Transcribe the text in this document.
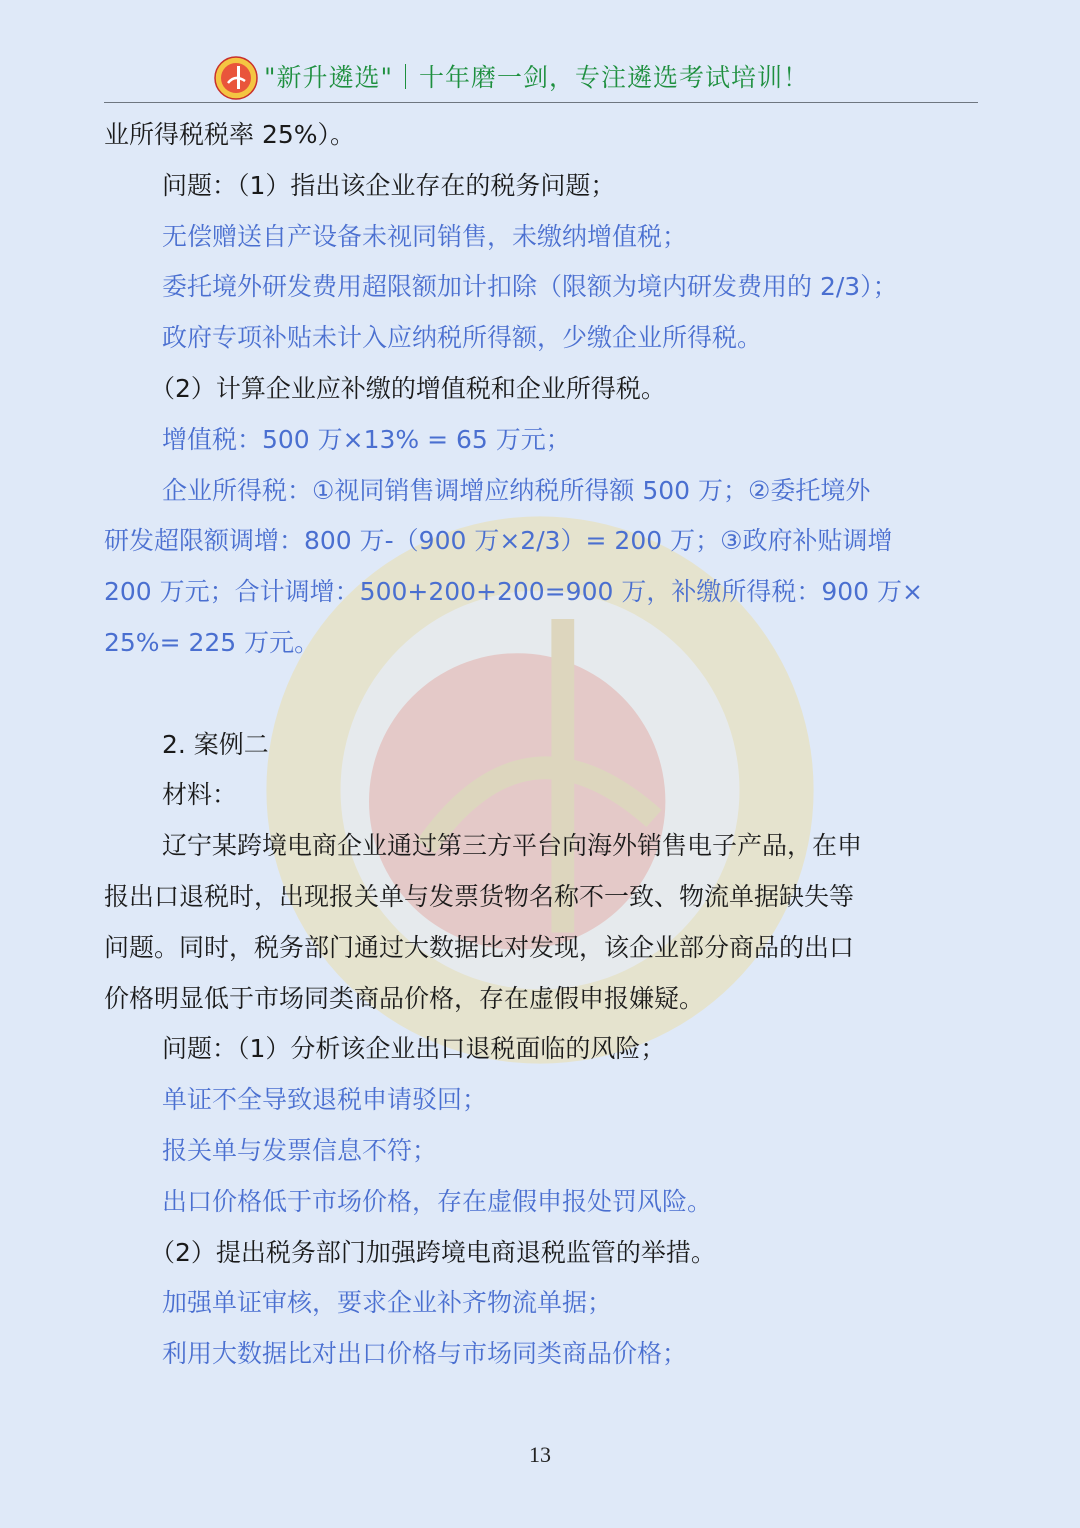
"新升遴选"｜十年磨一剑，专注遴选考试培训！
业所得税税率 25%）。
问题：（1）指出该企业存在的税务问题；
无偿赠送自产设备未视同销售，未缴纳增值税；
委托境外研发费用超限额加计扣除（限额为境内研发费用的 2/3）；
政府专项补贴未计入应纳税所得额，少缴企业所得税。
（2）计算企业应补缴的增值税和企业所得税。
增值税：500 万×13% = 65 万元；
企业所得税：①视同销售调增应纳税所得额 500 万；②委托境外
研发超限额调增：800 万-（900 万×2/3）= 200 万；③政府补贴调增
200 万元；合计调增：500+200+200=900 万，补缴所得税：900 万×
25%= 225 万元。
2. 案例二
材料：
辽宁某跨境电商企业通过第三方平台向海外销售电子产品，在申
报出口退税时，出现报关单与发票货物名称不一致、物流单据缺失等
问题。同时，税务部门通过大数据比对发现，该企业部分商品的出口
价格明显低于市场同类商品价格，存在虚假申报嫌疑。
问题：（1）分析该企业出口退税面临的风险；
单证不全导致退税申请驳回；
报关单与发票信息不符；
出口价格低于市场价格，存在虚假申报处罚风险。
（2）提出税务部门加强跨境电商退税监管的举措。
加强单证审核，要求企业补齐物流单据；
利用大数据比对出口价格与市场同类商品价格；
13
